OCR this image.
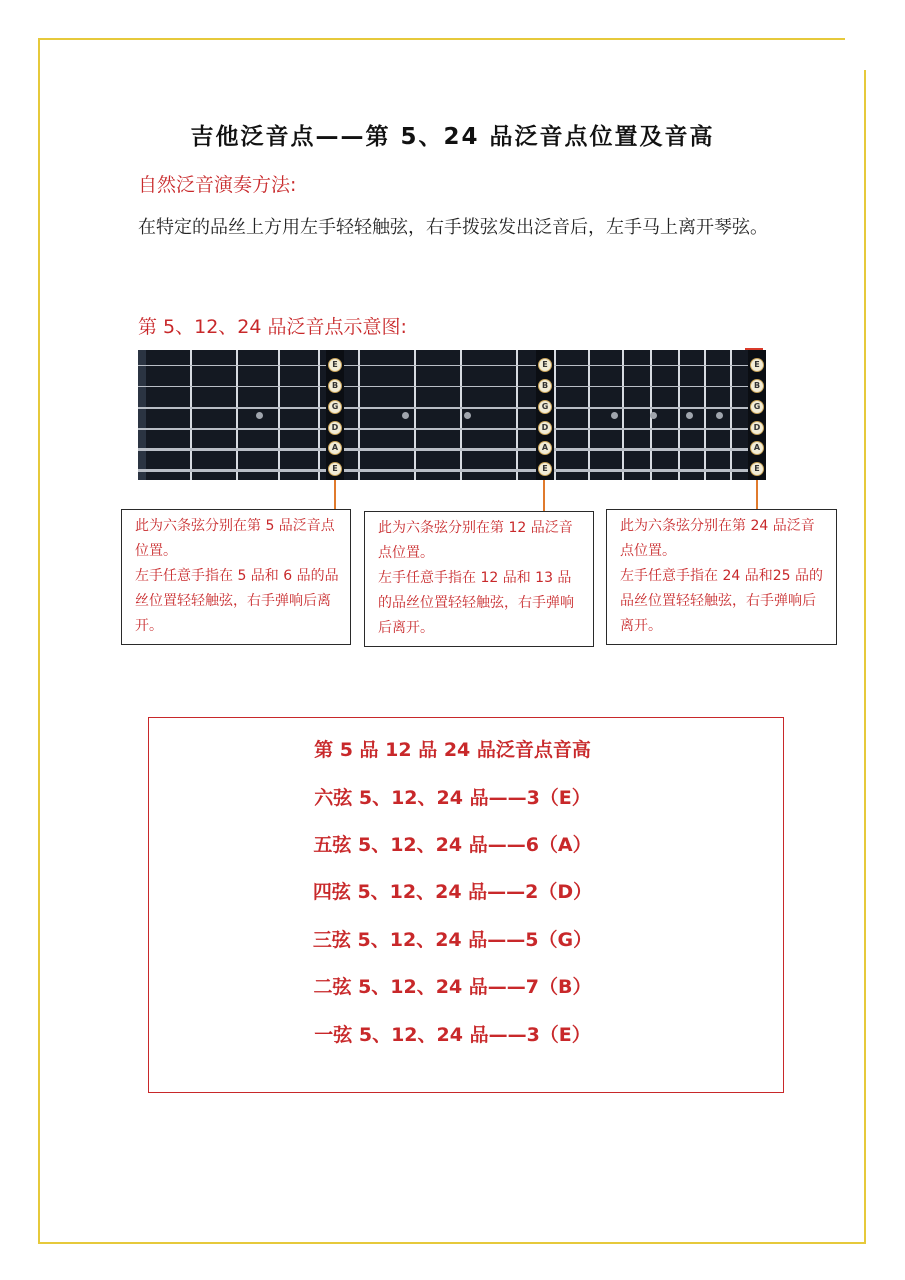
吉他泛音点——第 5、24 品泛音点位置及音高
自然泛音演奏方法:
在特定的品丝上方用左手轻轻触弦，右手拨弦发出泛音后，左手马上离开琴弦。
第 5、12、24 品泛音点示意图:
E
B
G
D
A
E
E
B
G
D
A
E
E
B
G
D
A
E
此为六条弦分别在第 5 品泛音点位置。
左手任意手指在 5 品和 6 品的品丝位置轻轻触弦，右手弹响后离开。
此为六条弦分别在第 12 品泛音点位置。
左手任意手指在 12 品和 13 品的品丝位置轻轻触弦，右手弹响后离开。
此为六条弦分别在第 24 品泛音点位置。
左手任意手指在 24 品和25 品的品丝位置轻轻触弦，右手弹响后离开。
第 5 品 12 品 24 品泛音点音高
六弦 5、12、24 品——3（E）
五弦 5、12、24 品——6（A）
四弦 5、12、24 品——2（D）
三弦 5、12、24 品——5（G）
二弦 5、12、24 品——7（B）
一弦 5、12、24 品——3（E）
